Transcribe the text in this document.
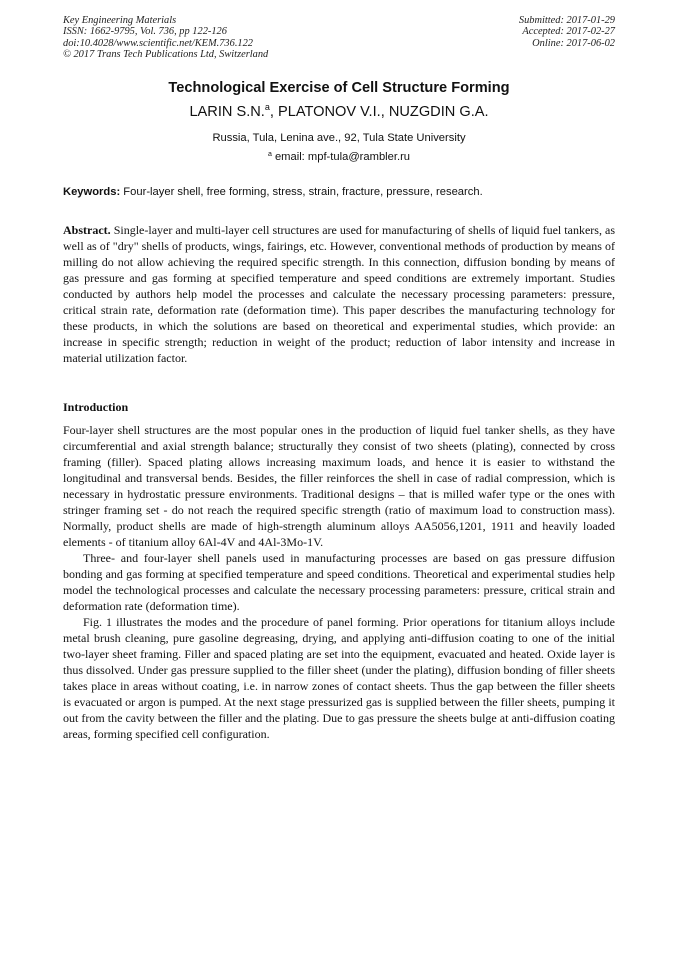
Key Engineering Materials
ISSN: 1662-9795, Vol. 736, pp 122-126
doi:10.4028/www.scientific.net/KEM.736.122
© 2017 Trans Tech Publications Ltd, Switzerland
Submitted: 2017-01-29
Accepted: 2017-02-27
Online: 2017-06-02
Technological Exercise of Cell Structure Forming
LARIN S.N.$^a$, PLATONOV V.I., NUZGDIN G.A.
Russia, Tula, Lenina ave., 92, Tula State University
$^a$ email: mpf-tula@rambler.ru
Keywords: Four-layer shell, free forming, stress, strain, fracture, pressure, research.
Abstract. Single-layer and multi-layer cell structures are used for manufacturing of shells of liquid fuel tankers, as well as of "dry" shells of products, wings, fairings, etc. However, conventional methods of production by means of milling do not allow achieving the required specific strength. In this connection, diffusion bonding by means of gas pressure and gas forming at specified temperature and speed conditions are extremely important. Studies conducted by authors help model the processes and calculate the necessary processing parameters: pressure, critical strain rate, deformation rate (deformation time). This paper describes the manufacturing technology for these products, in which the solutions are based on theoretical and experimental studies, which provide: an increase in specific strength; reduction in weight of the product; reduction of labor intensity and increase in material utilization factor.
Introduction

Four-layer shell structures are the most popular ones in the production of liquid fuel tanker shells, as they have circumferential and axial strength balance; structurally they consist of two sheets (plating), connected by cross framing (filler). Spaced plating allows increasing maximum loads, and hence it is easier to withstand the longitudinal and transversal bends. Besides, the filler reinforces the shell in case of radial compression, which is necessary in hydrostatic pressure environments. Traditional designs – that is milled wafer type or the ones with stringer framing set - do not reach the required specific strength (ratio of maximum load to construction mass). Normally, product shells are made of high-strength aluminum alloys AA5056,1201, 1911 and heavily loaded elements - of titanium alloy 6Al-4V and 4Al-3Mo-1V.

Three- and four-layer shell panels used in manufacturing processes are based on gas pressure diffusion bonding and gas forming at specified temperature and speed conditions. Theoretical and experimental studies help model the technological processes and calculate the necessary processing parameters: pressure, critical strain and deformation rate (deformation time).

Fig. 1 illustrates the modes and the procedure of panel forming. Prior operations for titanium alloys include metal brush cleaning, pure gasoline degreasing, drying, and applying anti-diffusion coating to one of the initial two-layer sheet framing. Filler and spaced plating are set into the equipment, evacuated and heated. Oxide layer is thus dissolved. Under gas pressure supplied to the filler sheet (under the plating), diffusion bonding of filler sheets takes place in areas without coating, i.e. in narrow zones of contact sheets. Thus the gap between the filler sheets is evacuated or argon is pumped. At the next stage pressurized gas is supplied between the filler sheets, pumping it out from the cavity between the filler and the plating. Due to gas pressure the sheets bulge at anti-diffusion coating areas, forming specified cell configuration.
